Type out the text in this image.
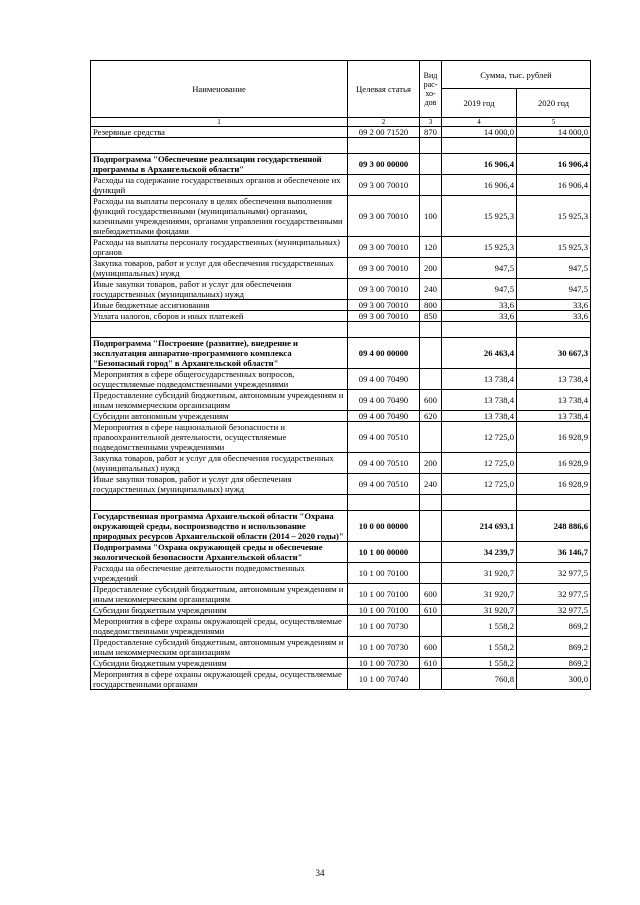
Наименование	Целевая статья	Вид рас-хо-дов	Сумма, тыс. рублей	
			2019 год	2020 год
1	2	3	4	5
Резервные средства	09 2 00 71520	870	14 000,0	14 000,0

Подпрограмма "Обеспечение реализации государственной программы в Архангельской области"	09 3 00 00000		16 906,4	16 906,4
Расходы на содержание государственных органов и обеспечение их функций	09 3 00 70010		16 906,4	16 906,4
Расходы на выплаты персоналу в целях обеспечения выполнения функций государственными (муниципальными) органами, казенными учреждениями, органами управления государственными внебюджетными фондами	09 3 00 70010	100	15 925,3	15 925,3
Расходы на выплаты персоналу государственных (муниципальных) органов	09 3 00 70010	120	15 925,3	15 925,3
Закупка товаров, работ и услуг для обеспечения государственных (муниципальных) нужд	09 3 00 70010	200	947,5	947,5
Иные закупки товаров, работ и услуг для обеспечения государственных (муниципальных) нужд	09 3 00 70010	240	947,5	947,5
Иные бюджетные ассигнования	09 3 00 70010	800	33,6	33,6
Уплата налогов, сборов и иных платежей	09 3 00 70010	850	33,6	33,6

Подпрограмма "Построение (развитие), внедрение и эксплуатация аппаратно-программного комплекса "Безопасный город" в Архангельской области"	09 4 00 00000		26 463,4	30 667,3
Мероприятия в сфере общегосударственных вопросов, осуществляемые подведомственными учреждениями	09 4 00 70490		13 738,4	13 738,4
Предоставление субсидий бюджетным, автономным учреждениям и иным некоммерческим организациям	09 4 00 70490	600	13 738,4	13 738,4
Субсидии автономным учреждениям	09 4 00 70490	620	13 738,4	13 738,4
Мероприятия в сфере национальной безопасности и правоохранительной деятельности, осуществляемые подведомственными учреждениями	09 4 00 70510		12 725,0	16 928,9
Закупка товаров, работ и услуг для обеспечения государственных (муниципальных) нужд	09 4 00 70510	200	12 725,0	16 928,9
Иные закупки товаров, работ и услуг для обеспечения государственных (муниципальных) нужд	09 4 00 70510	240	12 725,0	16 928,9

Государственная программа Архангельской области "Охрана окружающей среды, воспроизводство и использование природных ресурсов Архангельской области (2014 – 2020 годы)"	10 0 00 00000		214 693,1	248 886,6
Подпрограмма "Охрана окружающей среды и обеспечение экологической безопасности Архангельской области"	10 1 00 00000		34 239,7	36 146,7
Расходы на обеспечение деятельности подведомственных учреждений	10 1 00 70100		31 920,7	32 977,5
Предоставление субсидий бюджетным, автономным учреждениям и иным некоммерческим организациям	10 1 00 70100	600	31 920,7	32 977,5
Субсидии бюджетным учреждениям	10 1 00 70100	610	31 920,7	32 977,5
Мероприятия в сфере охраны окружающей среды, осуществляемые подведомственными учреждениями	10 1 00 70730		1 558,2	869,2
Предоставление субсидий бюджетным, автономным учреждениям и иным некоммерческим организациям	10 1 00 70730	600	1 558,2	869,2
Субсидии бюджетным учреждениям	10 1 00 70730	610	1 558,2	869,2
Мероприятия в сфере охраны окружающей среды, осуществляемые государственными органами	10 1 00 70740		760,8	300,0
34
